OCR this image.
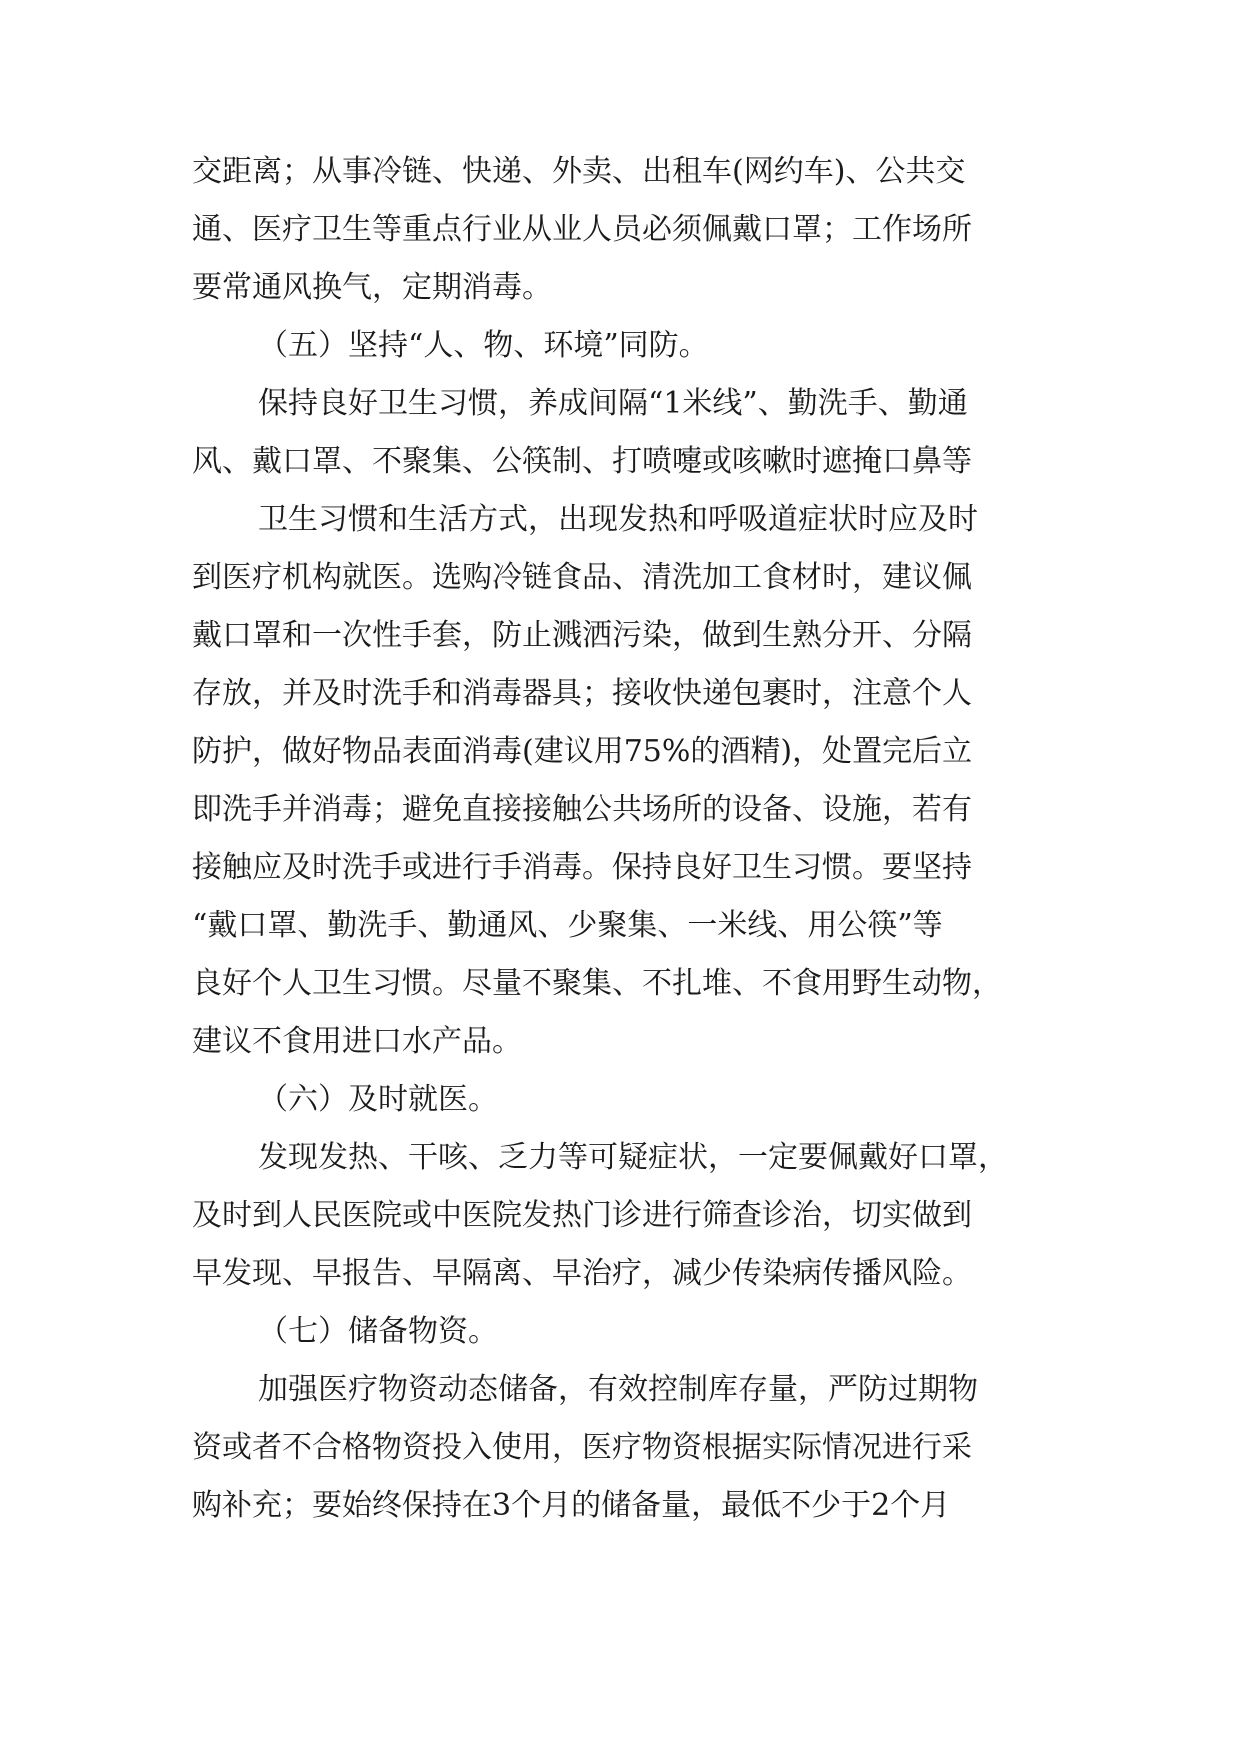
交距离；从事冷链、快递、外卖、出租车(网约车)、公共交
通、医疗卫生等重点行业从业人员必须佩戴口罩；工作场所
要常通风换气，定期消毒。
（五）坚持“人、物、环境”同防。
保持良好卫生习惯，养成间隔“1米线”、勤洗手、勤通
风、戴口罩、不聚集、公筷制、打喷嚏或咳嗽时遮掩口鼻等
卫生习惯和生活方式，出现发热和呼吸道症状时应及时
到医疗机构就医。选购冷链食品、清洗加工食材时，建议佩
戴口罩和一次性手套，防止溅洒污染，做到生熟分开、分隔
存放，并及时洗手和消毒器具；接收快递包裹时，注意个人
防护，做好物品表面消毒(建议用75%的酒精)，处置完后立
即洗手并消毒；避免直接接触公共场所的设备、设施，若有
接触应及时洗手或进行手消毒。保持良好卫生习惯。要坚持
“戴口罩、勤洗手、勤通风、少聚集、一米线、用公筷”等
良好个人卫生习惯。尽量不聚集、不扎堆、不食用野生动物，
建议不食用进口水产品。
（六）及时就医。
发现发热、干咳、乏力等可疑症状，一定要佩戴好口罩，
及时到人民医院或中医院发热门诊进行筛查诊治，切实做到
早发现、早报告、早隔离、早治疗，减少传染病传播风险。
（七）储备物资。
加强医疗物资动态储备，有效控制库存量，严防过期物
资或者不合格物资投入使用，医疗物资根据实际情况进行采
购补充；要始终保持在3个月的储备量，最低不少于2个月
